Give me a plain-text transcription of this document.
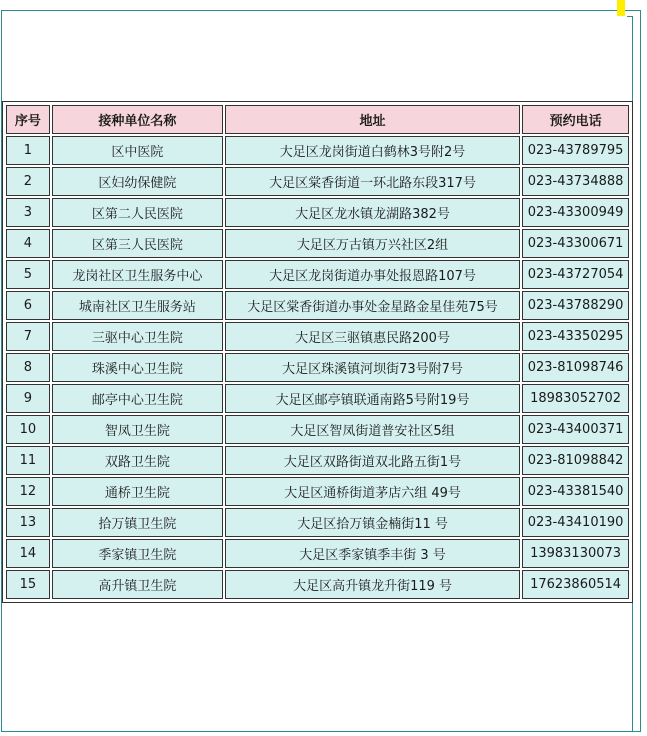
序号	接种单位名称	地址	预约电话
1	区中医院	大足区龙岗街道白鹤林3号附2号	023-43789795
2	区妇幼保健院	大足区棠香街道一环北路东段317号	023-43734888
3	区第二人民医院	大足区龙水镇龙湖路382号	023-43300949
4	区第三人民医院	大足区万古镇万兴社区2组	023-43300671
5	龙岗社区卫生服务中心	大足区龙岗街道办事处报恩路107号	023-43727054
6	城南社区卫生服务站	大足区棠香街道办事处金星路金星佳苑75号	023-43788290
7	三驱中心卫生院	大足区三驱镇惠民路200号	023-43350295
8	珠溪中心卫生院	大足区珠溪镇河坝街73号附7号	023-81098746
9	邮亭中心卫生院	大足区邮亭镇联通南路5号附19号	18983052702
10	智凤卫生院	大足区智凤街道普安社区5组	023-43400371
11	双路卫生院	大足区双路街道双北路五街1号	023-81098842
12	通桥卫生院	大足区通桥街道茅店六组 49号	023-43381540
13	拾万镇卫生院	大足区拾万镇金楠街11 号	023-43410190
14	季家镇卫生院	大足区季家镇季丰街 3 号	13983130073
15	高升镇卫生院	大足区高升镇龙升街119 号	17623860514
